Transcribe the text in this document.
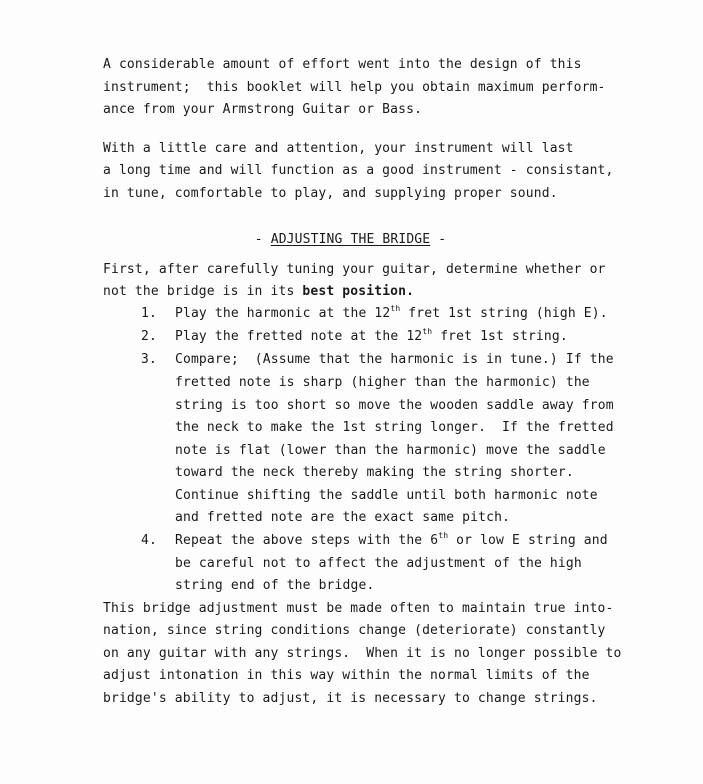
A considerable amount of effort went into the design of this
instrument;  this booklet will help you obtain maximum perform-
ance from your Armstrong Guitar or Bass.
With a little care and attention, your instrument will last
a long time and will function as a good instrument - consistant,
in tune, comfortable to play, and supplying proper sound.
- ADJUSTING THE BRIDGE -
First, after carefully tuning your guitar, determine whether or
not the bridge is in its best position.
1. Play the harmonic at the 12th fret 1st string (high E).
2. Play the fretted note at the 12th fret 1st string.
3. Compare;  (Assume that the harmonic is in tune.) If the
fretted note is sharp (higher than the harmonic) the
string is too short so move the wooden saddle away from
the neck to make the 1st string longer.  If the fretted
note is flat (lower than the harmonic) move the saddle
toward the neck thereby making the string shorter.
Continue shifting the saddle until both harmonic note
and fretted note are the exact same pitch.
4. Repeat the above steps with the 6th or low E string and
be careful not to affect the adjustment of the high
string end of the bridge.
This bridge adjustment must be made often to maintain true into-
nation, since string conditions change (deteriorate) constantly
on any guitar with any strings.  When it is no longer possible to
adjust intonation in this way within the normal limits of the
bridge's ability to adjust, it is necessary to change strings.
